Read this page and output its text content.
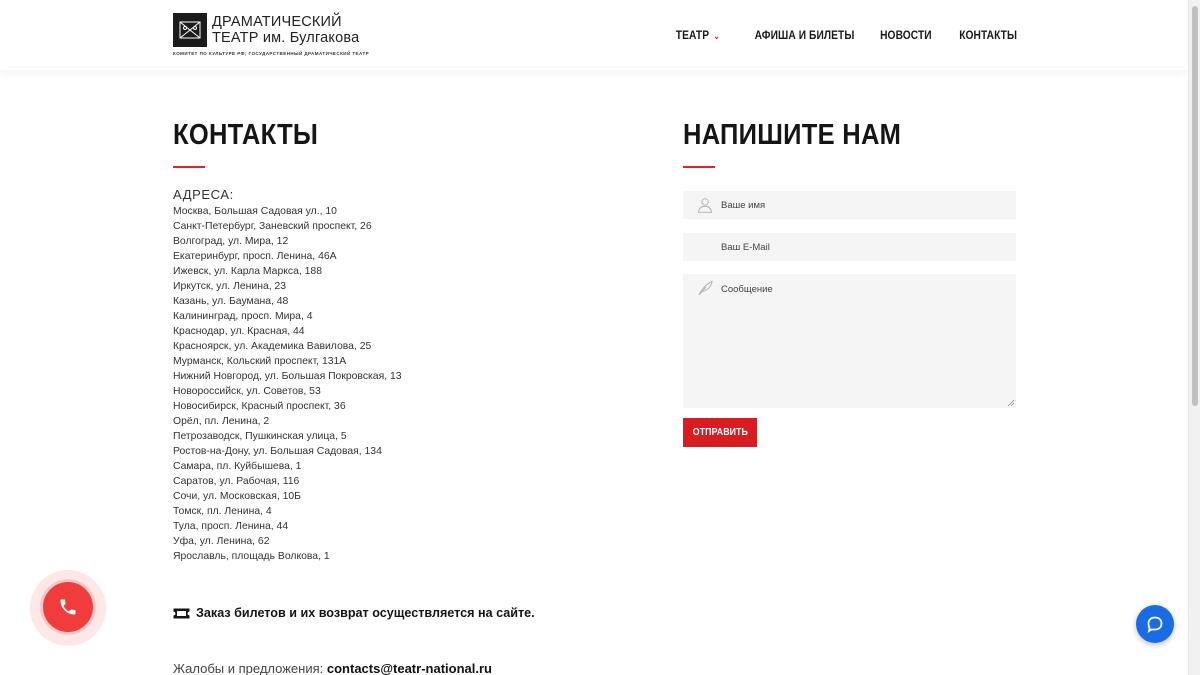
ДРАМАТИЧЕСКИЙ
ТЕАТР им. Булгакова
КОМИТЕТ ПО КУЛЬТУРЕ РФ; ГОСУДАРСТВЕННЫЙ ДРАМАТИЧЕСКИЙ ТЕАТР
ТЕАТР ⌄	АФИША И БИЛЕТЫ НОВОСТИ КОНТАКТЫ
КОНТАКТЫ
АДРЕСА:
Москва, Большая Садовая ул., 10
Санкт-Петербург, Заневский проспект, 26
Волгоград, ул. Мира, 12
Екатеринбург, просп. Ленина, 46А
Ижевск, ул. Карла Маркса, 188
Иркутск, ул. Ленина, 23
Казань, ул. Баумана, 48
Калининград, просп. Мира, 4
Краснодар, ул. Красная, 44
Красноярск, ул. Академика Вавилова, 25
Мурманск, Кольский проспект, 131А
Нижний Новгород, ул. Большая Покровская, 13
Новороссийск, ул. Советов, 53
Новосибирск, Красный проспект, 36
Орёл, пл. Ленина, 2
Петрозаводск, Пушкинская улица, 5
Ростов-на-Дону, ул. Большая Садовая, 134
Самара, пл. Куйбышева, 1
Саратов, ул. Рабочая, 116
Сочи, ул. Московская, 10Б
Томск, пл. Ленина, 4
Тула, просп. Ленина, 44
Уфа, ул. Ленина, 62
Ярославль, площадь Волкова, 1
Заказ билетов и их возврат осуществляется на сайте.
Жалобы и предложения: contacts@teatr-national.ru
НАПИШИТЕ НАМ
Ваше имя
Ваш E-Mail
Сообщение
ОТПРАВИТЬ
